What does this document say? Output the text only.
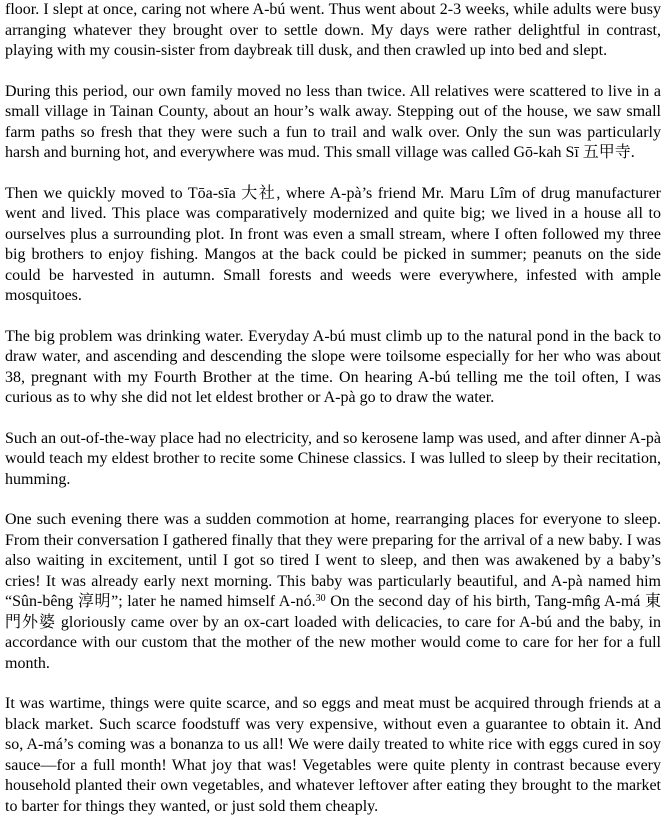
floor. I slept at once, caring not where A-bú went. Thus went about 2-3 weeks, while adults were busy arranging whatever they brought over to settle down. My days were rather delightful in contrast, playing with my cousin-sister from daybreak till dusk, and then crawled up into bed and slept.

During this period, our own family moved no less than twice. All relatives were scattered to live in a small village in Tainan County, about an hour’s walk away. Stepping out of the house, we saw small farm paths so fresh that they were such a fun to trail and walk over. Only the sun was particularly harsh and burning hot, and everywhere was mud. This small village was called Gō-kah Sī 五甲寺.

Then we quickly moved to Tōa-sīa 大社, where A-pà’s friend Mr. Maru Lîm of drug manufacturer went and lived. This place was comparatively modernized and quite big; we lived in a house all to ourselves plus a surrounding plot. In front was even a small stream, where I often followed my three big brothers to enjoy fishing. Mangos at the back could be picked in summer; peanuts on the side could be harvested in autumn. Small forests and weeds were everywhere, infested with ample mosquitoes.

The big problem was drinking water. Everyday A-bú must climb up to the natural pond in the back to draw water, and ascending and descending the slope were toilsome especially for her who was about 38, pregnant with my Fourth Brother at the time. On hearing A-bú telling me the toil often, I was curious as to why she did not let eldest brother or A-pà go to draw the water.

Such an out-of-the-way place had no electricity, and so kerosene lamp was used, and after dinner A-pà would teach my eldest brother to recite some Chinese classics. I was lulled to sleep by their recitation, humming.

One such evening there was a sudden commotion at home, rearranging places for everyone to sleep. From their conversation I gathered finally that they were preparing for the arrival of a new baby. I was also waiting in excitement, until I got so tired I went to sleep, and then was awakened by a baby’s cries! It was already early next morning. This baby was particularly beautiful, and A-pà named him “Sûn-bêng 淳明”; later he named himself A-nó.$^{30}$ On the second day of his birth, Tang-mn̂g A-má 東門外婆 gloriously came over by an ox-cart loaded with delicacies, to care for A-bú and the baby, in accordance with our custom that the mother of the new mother would come to care for her for a full month.

It was wartime, things were quite scarce, and so eggs and meat must be acquired through friends at a black market. Such scarce foodstuff was very expensive, without even a guarantee to obtain it. And so, A-má’s coming was a bonanza to us all! We were daily treated to white rice with eggs cured in soy sauce—for a full month! What joy that was! Vegetables were quite plenty in contrast because every household planted their own vegetables, and whatever leftover after eating they brought to the market to barter for things they wanted, or just sold them cheaply.
